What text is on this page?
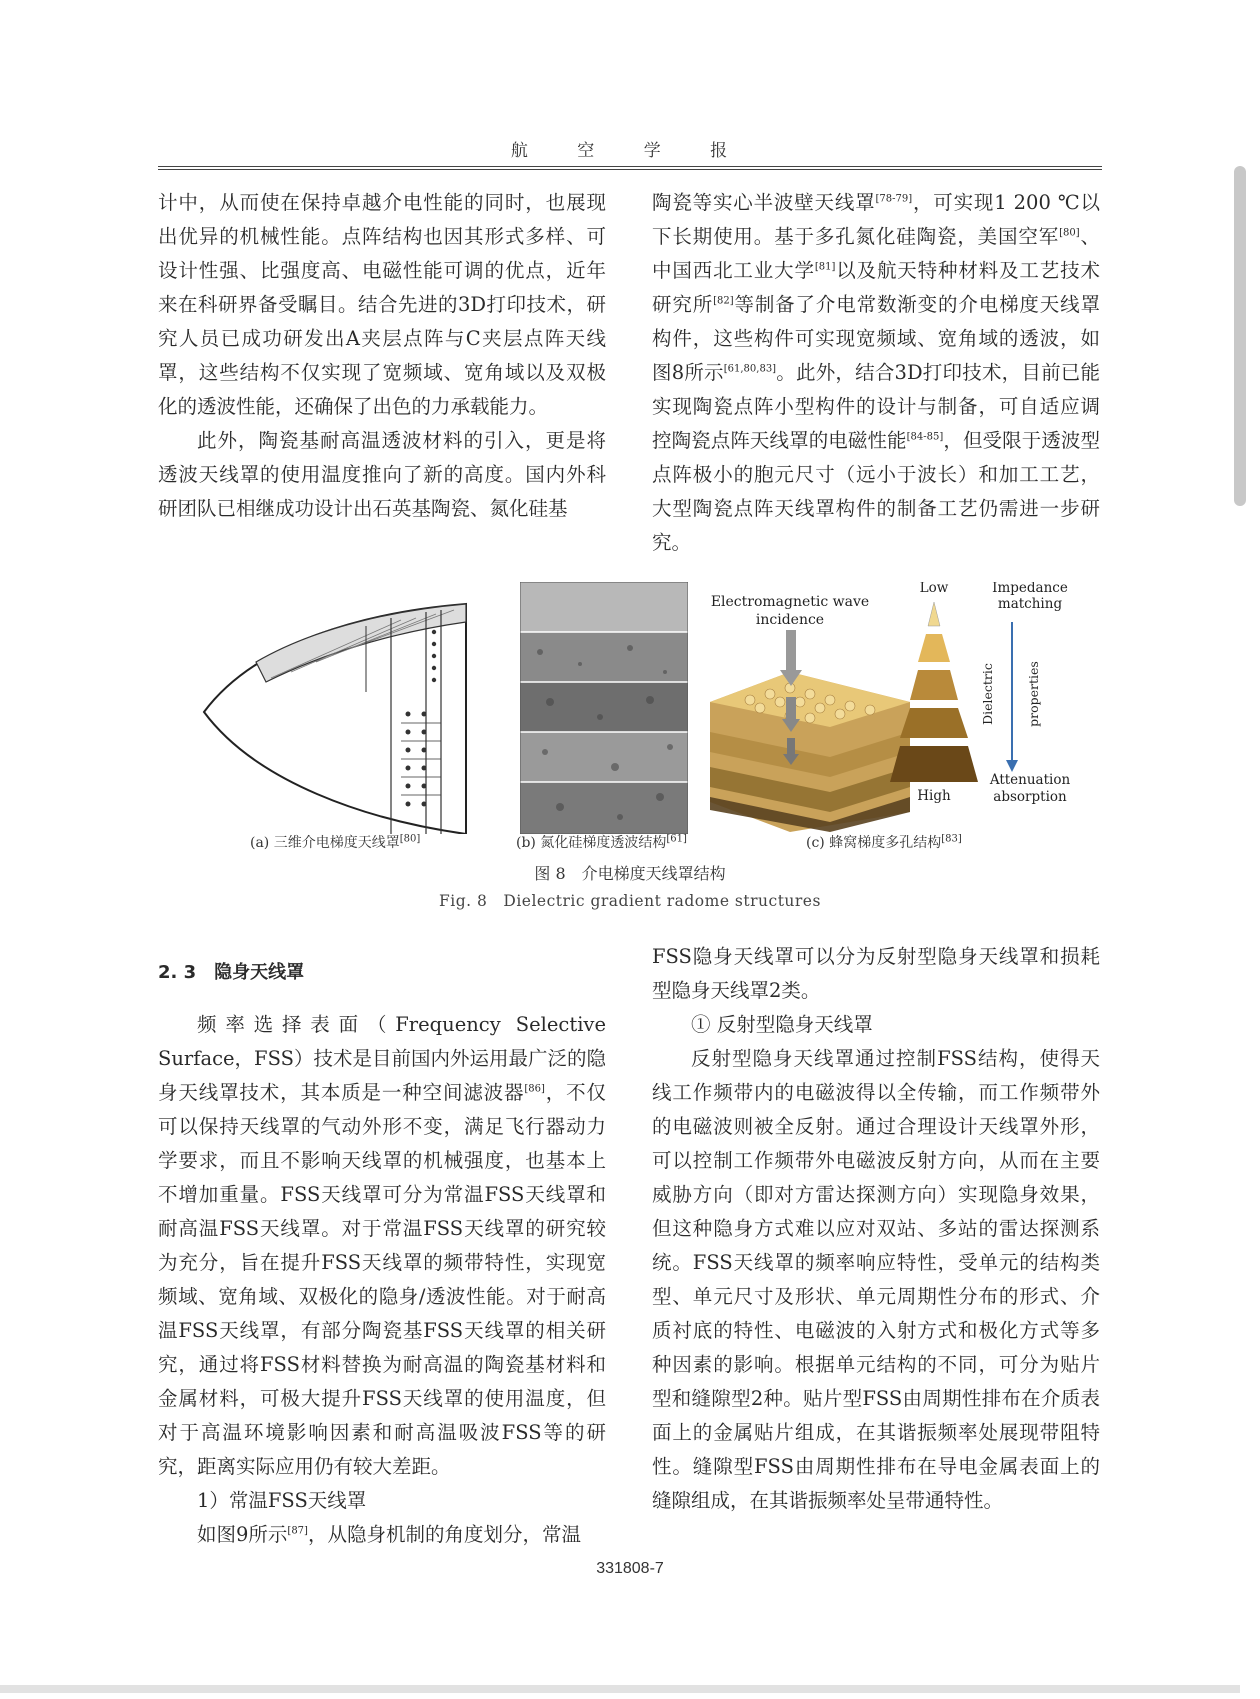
航 空 学 报

计中，从而使在保持卓越介电性能的同时，也展现出优异的机械性能。点阵结构也因其形式多样、可设计性强、比强度高、电磁性能可调的优点，近年来在科研界备受瞩目。结合先进的3D打印技术，研究人员已成功研发出A夹层点阵与C夹层点阵天线罩，这些结构不仅实现了宽频域、宽角域以及双极化的透波性能，还确保了出色的力承载能力。

此外，陶瓷基耐高温透波材料的引入，更是将透波天线罩的使用温度推向了新的高度。国内外科研团队已相继成功设计出石英基陶瓷、氮化硅基

陶瓷等实心半波壁天线罩[78-79]，可实现1 200 ℃以下长期使用。基于多孔氮化硅陶瓷，美国空军[80]、中国西北工业大学[81]以及航天特种材料及工艺技术研究所[82]等制备了介电常数渐变的介电梯度天线罩构件，这些构件可实现宽频域、宽角域的透波，如图8所示[61,80,83]。此外，结合3D打印技术，目前已能实现陶瓷点阵小型构件的设计与制备，可自适应调控陶瓷点阵天线罩的电磁性能[84-85]，但受限于透波型点阵极小的胞元尺寸（远小于波长）和加工工艺，大型陶瓷点阵天线罩构件的制备工艺仍需进一步研究。

Electromagnetic wave
incidence
Low
High
Impedance
matching
Dielectric properties
Attenuation
absorption
(a) 三维介电梯度天线罩[80]	(b) 氮化硅梯度透波结构[61]	(c) 蜂窝梯度多孔结构[83]
图 8　介电梯度天线罩结构
Fig. 8　Dielectric gradient radome structures
2. 3　隐身天线罩

频率选择表面（Frequency Selective Surface，FSS）技术是目前国内外运用最广泛的隐身天线罩技术，其本质是一种空间滤波器[86]，不仅可以保持天线罩的气动外形不变，满足飞行器动力学要求，而且不影响天线罩的机械强度，也基本上不增加重量。FSS天线罩可分为常温FSS天线罩和耐高温FSS天线罩。对于常温FSS天线罩的研究较为充分，旨在提升FSS天线罩的频带特性，实现宽频域、宽角域、双极化的隐身/透波性能。对于耐高温FSS天线罩，有部分陶瓷基FSS天线罩的相关研究，通过将FSS材料替换为耐高温的陶瓷基材料和金属材料，可极大提升FSS天线罩的使用温度，但对于高温环境影响因素和耐高温吸波FSS等的研究，距离实际应用仍有较大差距。

1）常温FSS天线罩

如图9所示[87]，从隐身机制的角度划分，常温

FSS隐身天线罩可以分为反射型隐身天线罩和损耗型隐身天线罩2类。

① 反射型隐身天线罩

反射型隐身天线罩通过控制FSS结构，使得天线工作频带内的电磁波得以全传输，而工作频带外的电磁波则被全反射。通过合理设计天线罩外形，可以控制工作频带外电磁波反射方向，从而在主要威胁方向（即对方雷达探测方向）实现隐身效果，但这种隐身方式难以应对双站、多站的雷达探测系统。FSS天线罩的频率响应特性，受单元的结构类型、单元尺寸及形状、单元周期性分布的形式、介质衬底的特性、电磁波的入射方式和极化方式等多种因素的影响。根据单元结构的不同，可分为贴片型和缝隙型2种。贴片型FSS由周期性排布在介质表面上的金属贴片组成，在其谐振频率处展现带阻特性。缝隙型FSS由周期性排布在导电金属表面上的缝隙组成，在其谐振频率处呈带通特性。

331808-7
